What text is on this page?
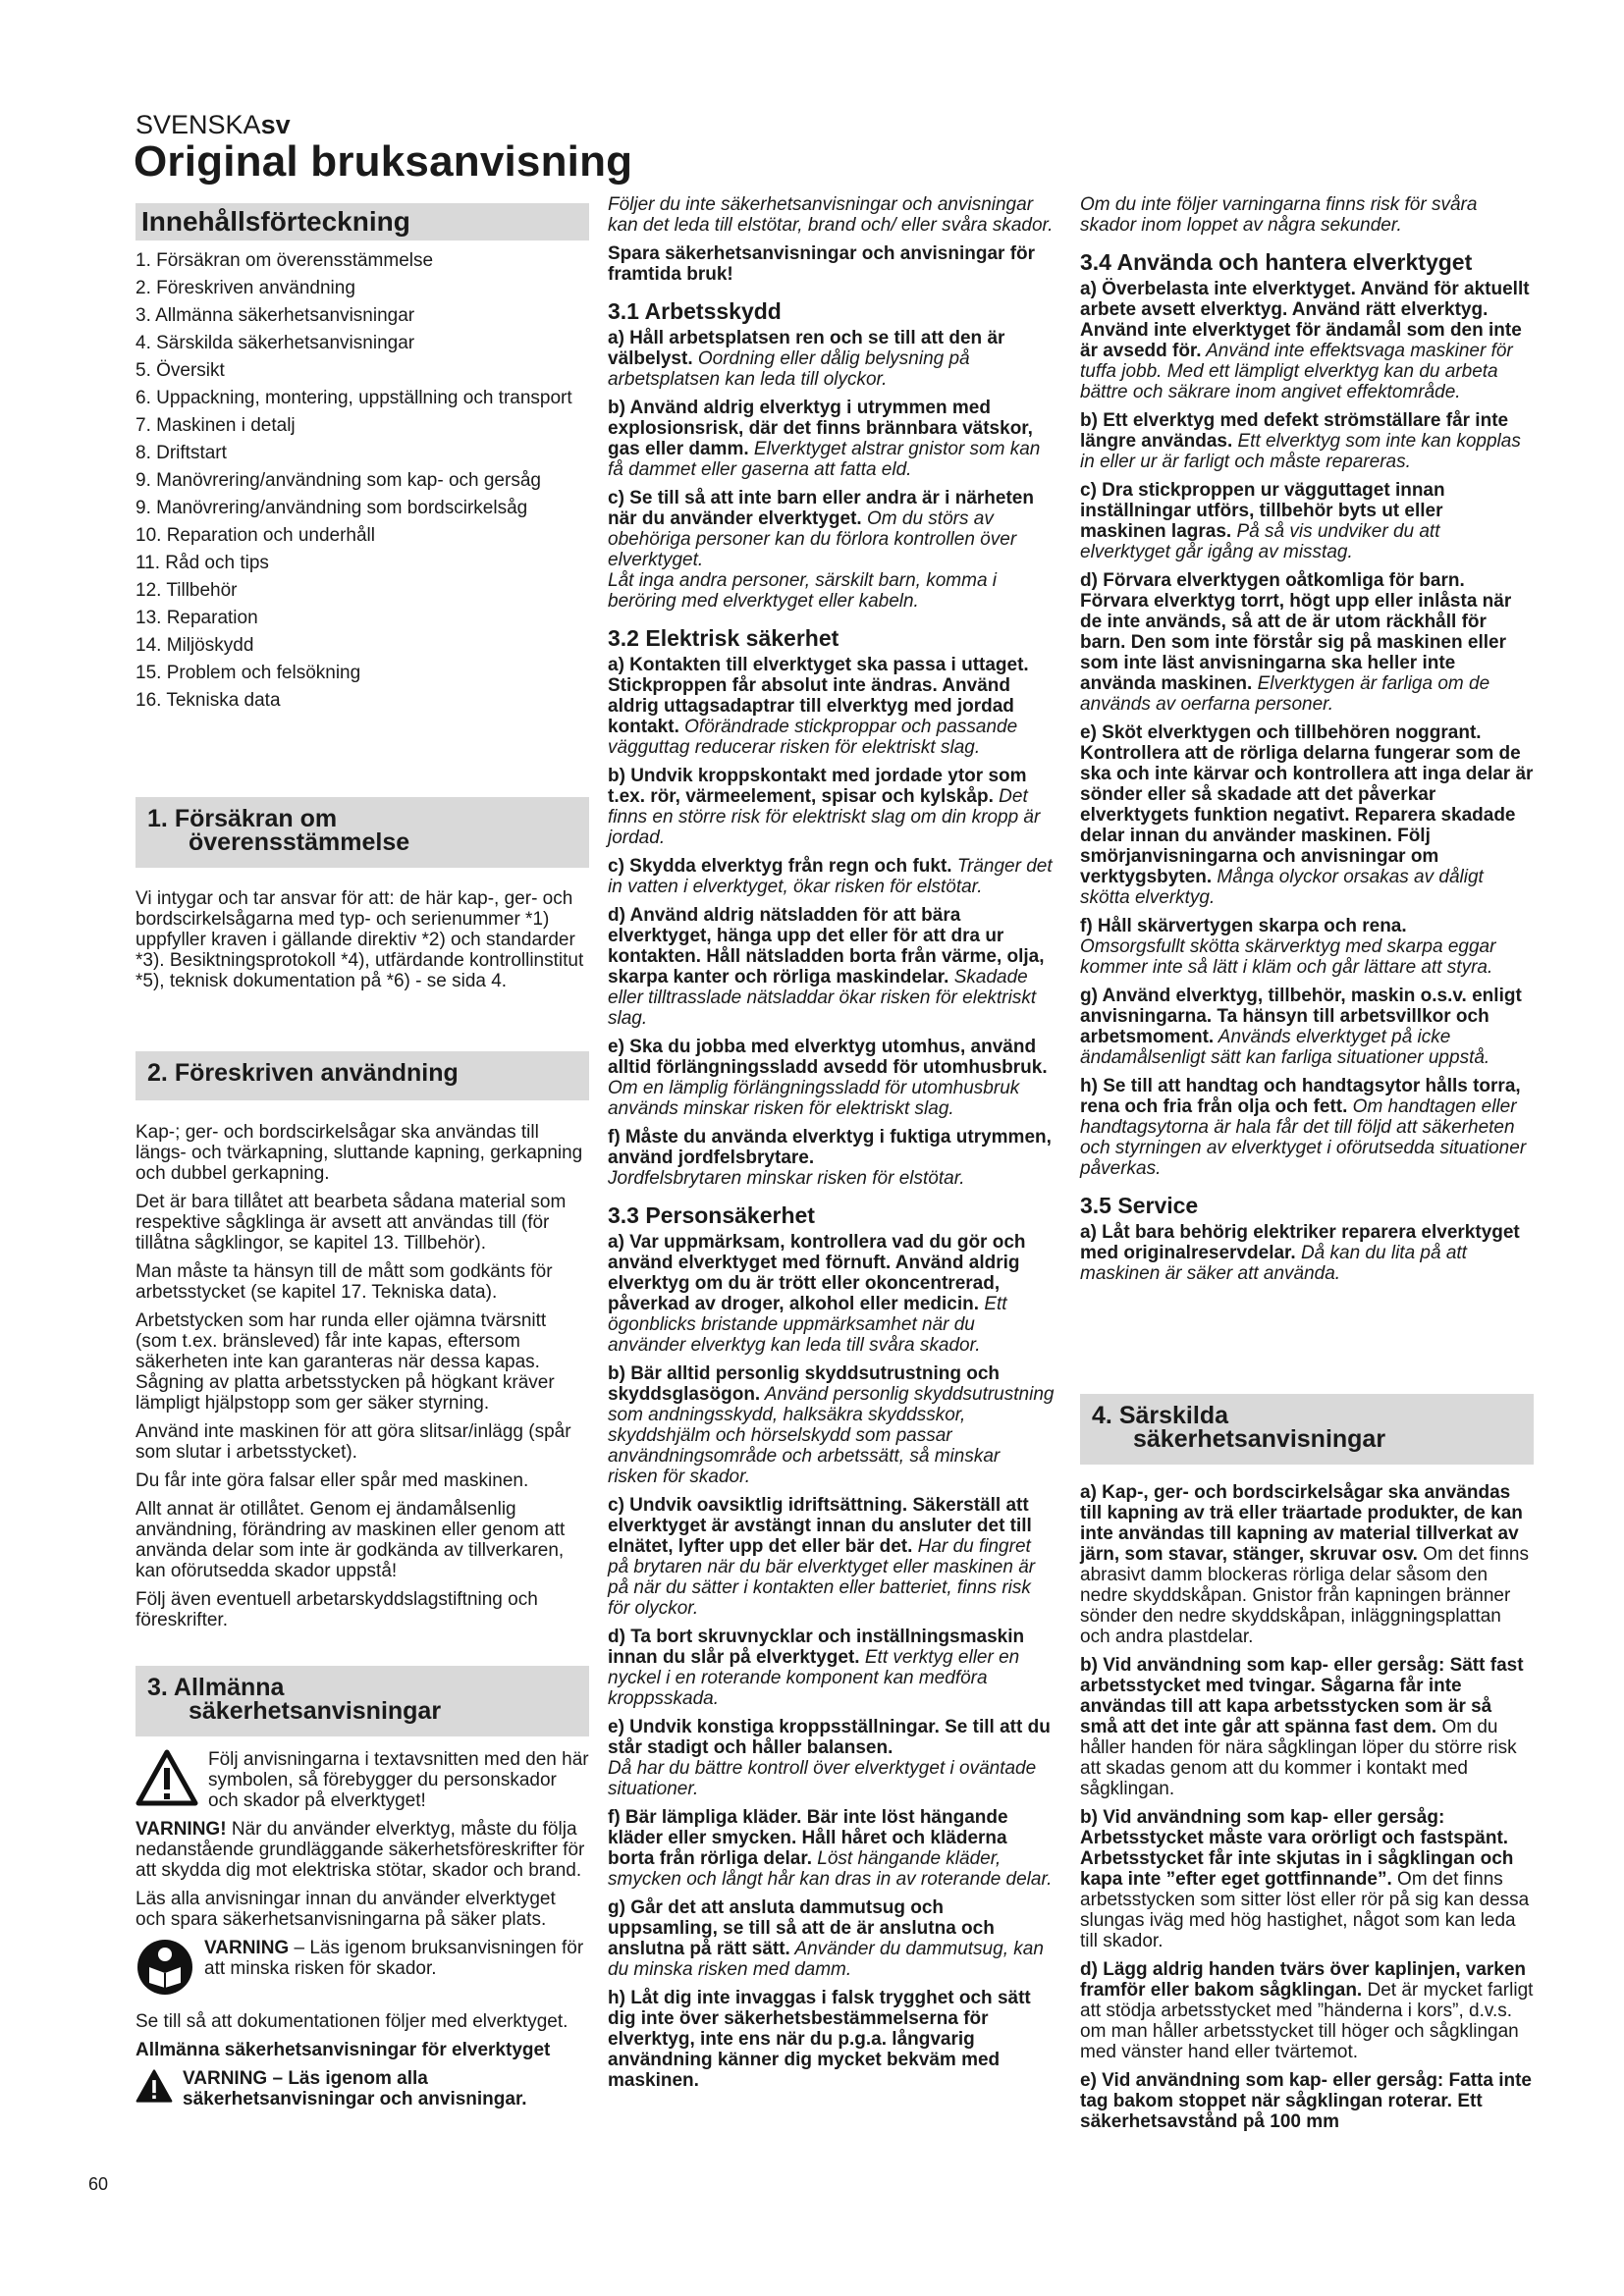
SVENSKAsv
Original bruksanvisning
Innehållsförteckning
1. Försäkran om överensstämmelse
2. Föreskriven användning
3. Allmänna säkerhetsanvisningar
4. Särskilda säkerhetsanvisningar
5. Översikt
6. Uppackning, montering, uppställning och transport
7. Maskinen i detalj
8. Driftstart
9. Manövrering/användning som kap- och gersåg
9. Manövrering/användning som bordscirkelsåg
10. Reparation och underhåll
11. Råd och tips
12. Tillbehör
13. Reparation
14. Miljöskydd
15. Problem och felsökning
16. Tekniska data
1. Försäkran om
överensstämmelse

Vi intygar och tar ansvar för att: de här kap-, ger- och bordscirkelsågarna med typ- och serienummer *1) uppfyller kraven i gällande direktiv *2) och standarder *3). Besiktningsprotokoll *4), utfärdande kontrollinstitut *5), teknisk dokumentation på *6) - se sida 4.

2. Föreskriven användning

Kap-; ger- och bordscirkelsågar ska användas till längs- och tvärkapning, sluttande kapning, gerkapning och dubbel gerkapning.

Det är bara tillåtet att bearbeta sådana material som respektive sågklinga är avsett att användas till (för tillåtna sågklingor, se kapitel 13. Tillbehör).

Man måste ta hänsyn till de mått som godkänts för arbetsstycket (se kapitel 17. Tekniska data).

Arbetstycken som har runda eller ojämna tvärsnitt (som t.ex. bränsleved) får inte kapas, eftersom säkerheten inte kan garanteras när dessa kapas. Sågning av platta arbetsstycken på högkant kräver lämpligt hjälpstopp som ger säker styrning.

Använd inte maskinen för att göra slitsar/inlägg (spår som slutar i arbetsstycket).

Du får inte göra falsar eller spår med maskinen.

Allt annat är otillåtet. Genom ej ändamålsenlig användning, förändring av maskinen eller genom att använda delar som inte är godkända av tillverkaren, kan oförutsedda skador uppstå!

Följ även eventuell arbetarskyddslagstiftning och föreskrifter.

3. Allmänna
säkerhetsanvisningar

Följ anvisningarna i textavsnitten med den här symbolen, så förebygger du personskador och skador på elverktyget!

VARNING! När du använder elverktyg, måste du följa nedanstående grundläggande säkerhetsföreskrifter för att skydda dig mot elektriska stötar, skador och brand.

Läs alla anvisningar innan du använder elverktyget och spara säkerhetsanvisningarna på säker plats.

VARNING – Läs igenom bruksanvisningen för att minska risken för skador.

Se till så att dokumentationen följer med elverktyget.

Allmänna säkerhetsanvisningar för elverktyget

VARNING – Läs igenom alla säkerhetsanvisningar och anvisningar.

Följer du inte säkerhetsanvisningar och anvisningar kan det leda till elstötar, brand och/ eller svåra skador.

Spara säkerhetsanvisningar och anvisningar för framtida bruk!

3.1 Arbetsskydd

a) Håll arbetsplatsen ren och se till att den är välbelyst. Oordning eller dålig belysning på arbetsplatsen kan leda till olyckor.

b) Använd aldrig elverktyg i utrymmen med explosionsrisk, där det finns brännbara vätskor, gas eller damm. Elverktyget alstrar gnistor som kan få dammet eller gaserna att fatta eld.

c) Se till så att inte barn eller andra är i närheten när du använder elverktyget. Om du störs av obehöriga personer kan du förlora kontrollen över elverktyget.

Låt inga andra personer, särskilt barn, komma i beröring med elverktyget eller kabeln.

3.2 Elektrisk säkerhet

a) Kontakten till elverktyget ska passa i uttaget. Stickproppen får absolut inte ändras. Använd aldrig uttagsadaptrar till elverktyg med jordad kontakt. Oförändrade stickproppar och passande vägguttag reducerar risken för elektriskt slag.

b) Undvik kroppskontakt med jordade ytor som t.ex. rör, värmeelement, spisar och kylskåp. Det finns en större risk för elektriskt slag om din kropp är jordad.

c) Skydda elverktyg från regn och fukt. Tränger det in vatten i elverktyget, ökar risken för elstötar.

d) Använd aldrig nätsladden för att bära elverktyget, hänga upp det eller för att dra ur kontakten. Håll nätsladden borta från värme, olja, skarpa kanter och rörliga maskindelar. Skadade eller tilltrasslade nätsladdar ökar risken för elektriskt slag.

e) Ska du jobba med elverktyg utomhus, använd alltid förlängningssladd avsedd för utomhusbruk. Om en lämplig förlängningssladd för utomhusbruk används minskar risken för elektriskt slag.

f) Måste du använda elverktyg i fuktiga utrymmen, använd jordfelsbrytare.
Jordfelsbrytaren minskar risken för elstötar.

3.3 Personsäkerhet

a) Var uppmärksam, kontrollera vad du gör och använd elverktyget med förnuft. Använd aldrig elverktyg om du är trött eller okoncentrerad, påverkad av droger, alkohol eller medicin. Ett ögonblicks bristande uppmärksamhet när du använder elverktyg kan leda till svåra skador.

b) Bär alltid personlig skyddsutrustning och skyddsglasögon. Använd personlig skyddsutrustning som andningsskydd, halksäkra skyddsskor, skyddshjälm och hörselskydd som passar användningsområde och arbetssätt, så minskar risken för skador.

c) Undvik oavsiktlig idriftsättning. Säkerställ att elverktyget är avstängt innan du ansluter det till elnätet, lyfter upp det eller bär det. Har du fingret på brytaren när du bär elverktyget eller maskinen är på när du sätter i kontakten eller batteriet, finns risk för olyckor.

d) Ta bort skruvnycklar och inställningsmaskin innan du slår på elverktyget. Ett verktyg eller en nyckel i en roterande komponent kan medföra kroppsskada.

e) Undvik konstiga kroppsställningar. Se till att du står stadigt och håller balansen.
Då har du bättre kontroll över elverktyget i oväntade situationer.

f) Bär lämpliga kläder. Bär inte löst hängande kläder eller smycken. Håll håret och kläderna borta från rörliga delar. Löst hängande kläder, smycken och långt hår kan dras in av roterande delar.

g) Går det att ansluta dammutsug och uppsamling, se till så att de är anslutna och anslutna på rätt sätt. Använder du dammutsug, kan du minska risken med damm.

h) Låt dig inte invaggas i falsk trygghet och sätt dig inte över säkerhetsbestämmelserna för elverktyg, inte ens när du p.g.a. långvarig användning känner dig mycket bekväm med maskinen.

Om du inte följer varningarna finns risk för svåra skador inom loppet av några sekunder.

3.4 Använda och hantera elverktyget

a) Överbelasta inte elverktyget. Använd för aktuellt arbete avsett elverktyg. Använd rätt elverktyg. Använd inte elverktyget för ändamål som den inte är avsedd för. Använd inte effektsvaga maskiner för tuffa jobb. Med ett lämpligt elverktyg kan du arbeta bättre och säkrare inom angivet effektområde.

b) Ett elverktyg med defekt strömställare får inte längre användas. Ett elverktyg som inte kan kopplas in eller ur är farligt och måste repareras.

c) Dra stickproppen ur vägguttaget innan inställningar utförs, tillbehör byts ut eller maskinen lagras. På så vis undviker du att elverktyget går igång av misstag.

d) Förvara elverktygen oåtkomliga för barn. Förvara elverktyg torrt, högt upp eller inlåsta när de inte används, så att de är utom räckhåll för barn. Den som inte förstår sig på maskinen eller som inte läst anvisningarna ska heller inte använda maskinen. Elverktygen är farliga om de används av oerfarna personer.

e) Sköt elverktygen och tillbehören noggrant. Kontrollera att de rörliga delarna fungerar som de ska och inte kärvar och kontrollera att inga delar är sönder eller så skadade att det påverkar elverktygets funktion negativt. Reparera skadade delar innan du använder maskinen. Följ smörjanvisningarna och anvisningar om verktygsbyten. Många olyckor orsakas av dåligt skötta elverktyg.

f) Håll skärvertygen skarpa och rena.
Omsorgsfullt skötta skärverktyg med skarpa eggar kommer inte så lätt i kläm och går lättare att styra.

g) Använd elverktyg, tillbehör, maskin o.s.v. enligt anvisningarna. Ta hänsyn till arbetsvillkor och arbetsmoment. Används elverktyget på icke ändamålsenligt sätt kan farliga situationer uppstå.

h) Se till att handtag och handtagsytor hålls torra, rena och fria från olja och fett. Om handtagen eller handtagsytorna är hala får det till följd att säkerheten och styrningen av elverktyget i oförutsedda situationer påverkas.

3.5 Service

a) Låt bara behörig elektriker reparera elverktyget med originalreservdelar. Då kan du lita på att maskinen är säker att använda.

4. Särskilda
säkerhetsanvisningar

a) Kap-, ger- och bordscirkelsågar ska användas till kapning av trä eller träartade produkter, de kan inte användas till kapning av material tillverkat av järn, som stavar, stänger, skruvar osv. Om det finns abrasivt damm blockeras rörliga delar såsom den nedre skyddskåpan. Gnistor från kapningen bränner sönder den nedre skyddskåpan, inläggningsplattan och andra plastdelar.

b) Vid användning som kap- eller gersåg: Sätt fast arbetsstycket med tvingar. Sågarna får inte användas till att kapa arbetsstycken som är så små att det inte går att spänna fast dem. Om du håller handen för nära sågklingan löper du större risk att skadas genom att du kommer i kontakt med sågklingan.

b) Vid användning som kap- eller gersåg: Arbetsstycket måste vara orörligt och fastspänt. Arbetsstycket får inte skjutas in i sågklingan och kapa inte ”efter eget gottfinnande”. Om det finns arbetsstycken som sitter löst eller rör på sig kan dessa slungas iväg med hög hastighet, något som kan leda till skador.

d) Lägg aldrig handen tvärs över kaplinjen, varken framför eller bakom sågklingan. Det är mycket farligt att stödja arbetsstycket med ”händerna i kors”, d.v.s. om man håller arbetsstycket till höger och sågklingan med vänster hand eller tvärtemot.

e) Vid användning som kap- eller gersåg: Fatta inte tag bakom stoppet när sågklingan roterar. Ett säkerhetsavstånd på 100 mm

60
